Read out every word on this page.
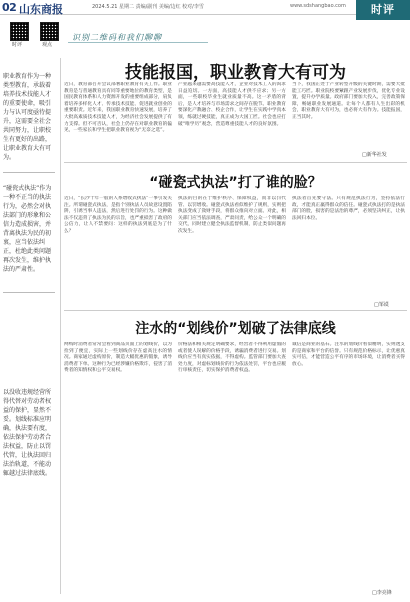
02 山东商报	2024.5.21 星期二 责编/副刊 美编/边红 校对/李雪	www.sdshangbao.com	时评
时评	观点
识别二维码和我们聊聊
职业教育作为一种类型教育，承载着培养技术技能人才的重要使命，吸引力与认可度亟待提升，这需要全社会共同努力，让职校生有更好的出路，让职业教育大有可为。
“碰瓷式执法”作为一种不正当的执法行为，必然会对执法部门的形象和公信力造成损害，并背离执法为民的初衷，应当依法纠正，杜绝此类问题再次发生，维护执法的严肃性。
以没收违规经营所得代替对劳动者权益的保护，显然不妥。划线标准应明确，执法要有度，依法保护劳动者合法权益，防止以罚代管，让执法回归法治轨道，不能动辄越过法律底线。
技能报国，职业教育大有可为
近日，教育部召开会议部署职业教育有关工作。职业教育是与普通教育具有同等重要地位的教育类型，是国民教育体系和人力资源开发的重要组成部分，肩负着培养多样化人才、传承技术技能、促进就业创业的重要职责。近年来，我国职业教育快速发展，培养了大批高素质技术技能人才，为经济社会发展提供了有力支撑。但不可否认，社会上仍存在对职业教育的偏见，一些家长和学生把职业教育视为“无奈之选”。
产业越来越需要高技能人才，企业对技术工人的渴求日益迫切。一方面，高技能人才供不应求；另一方面，一些职校毕业生就业质量不高。这一矛盾的背后，是人才培养与市场需求之间存在脱节。职业教育要深化产教融合、校企合作，让学生在实践中学真本领，练就过硬技能，真正成为大国工匠。社会也应打破“唯学历”观念，营造尊重技能人才的良好氛围。
当下，我国正处于产业转型升级的关键时期，需要大批能工巧匠。职业院校要紧跟产业发展步伐，优化专业设置，提升办学质量。政府部门要加大投入，完善政策保障，畅通职业发展通道。让每个人都有人生出彩的机会，职业教育大有可为，也必将大有作为。技能报国，正当其时。
□新华社发
“碰瓷式执法”打了谁的脸？
近日，“长沙十年一般的人系增收式执法”一事引发关注。所谓碰瓷式执法，是指个别执法人员故意设置陷阱，引诱当事人违法，然后进行处罚的行为。这种做法不仅违背了执法为民的宗旨，也严重损害了政府的公信力，让人不禁要问：这样的执法到底是为了什么？
执法的目的在于维护秩序、保障权益，而非以罚代管、以罚增收。碰瓷式执法看似维护了规则，实则把执法变成了敛财手段，将群众推向对立面。对此，相关部门应当依法调查，严肃问责，给公众一个明确的交代，同时建立健全执法监督机制，防止类似问题再次发生。
执法者首先要守法。只有规范执法行为，坚持依法行政，才能真正赢得群众的信任。碰瓷式执法打的是执法部门的脸，损害的是法治的尊严，必须坚决纠正，让执法回归本位。
□邹谟
注水的“划线价”划破了法律底线
网购时消费者常常会看到商品页面上的划线价，以为捡到了便宜，实际上一些划线价存在虚高注水的情况。商家通过虚构原价，制造大幅优惠的假象，诱导消费者下单。这种行为已经涉嫌价格欺诈，侵害了消费者的知情权和公平交易权。
价格法和相关规定明确要求，经营者不得利用虚假的或者使人误解的价格手段，诱骗消费者进行交易。划线价应当有真实依据，不得虚构。监管部门要加大查处力度，对虚标划线价的行为依法处罚，平台也应履行审核责任，切实保护消费者权益。
诚信是商业的基石。注水的划线价看似精明，实则透支的是商家和平台的信誉。只有规范价格标示，让优惠真实可信，才能营造公平有序的市场环境，让消费者买得放心。
□李亮锋
